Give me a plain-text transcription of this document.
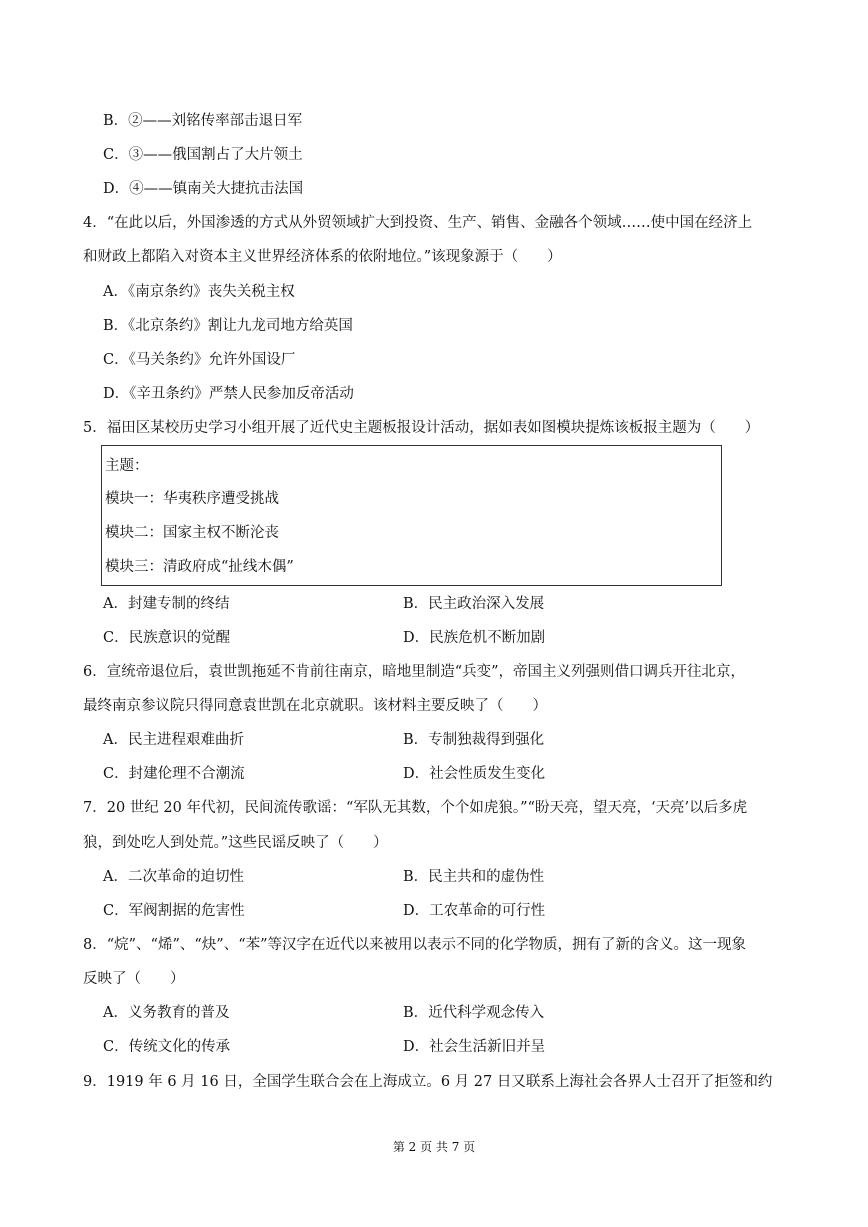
B．②——刘铭传率部击退日军
C．③——俄国割占了大片领土
D．④——镇南关大捷抗击法国
4．“在此以后，外国渗透的方式从外贸领域扩大到投资、生产、销售、金融各个领域……使中国在经济上
和财政上都陷入对资本主义世界经济体系的依附地位。”该现象源于（　　）
A．《南京条约》丧失关税主权
B．《北京条约》割让九龙司地方给英国
C．《马关条约》允许外国设厂
D．《辛丑条约》严禁人民参加反帝活动
5．福田区某校历史学习小组开展了近代史主题板报设计活动，据如表如图模块提炼该板报主题为（　　）
主题：
模块一：华夷秩序遭受挑战
模块二：国家主权不断沦丧
模块三：清政府成“扯线木偶”
A．封建专制的终结	B．民主政治深入发展
C．民族意识的觉醒	D．民族危机不断加剧
6．宣统帝退位后，袁世凯拖延不肯前往南京，暗地里制造“兵变”，帝国主义列强则借口调兵开往北京，
最终南京参议院只得同意袁世凯在北京就职。该材料主要反映了（　　）
A．民主进程艰难曲折	B．专制独裁得到强化
C．封建伦理不合潮流	D．社会性质发生变化
7．20 世纪 20 年代初，民间流传歌谣：“军队无其数，个个如虎狼。”“盼天亮，望天亮，‘天亮’以后多虎
狼，到处吃人到处荒。”这些民谣反映了（　　）
A．二次革命的迫切性	B．民主共和的虚伪性
C．军阀割据的危害性	D．工农革命的可行性
8．“烷”、“烯”、“炔”、“苯”等汉字在近代以来被用以表示不同的化学物质，拥有了新的含义。这一现象
反映了（　　）
A．义务教育的普及	B．近代科学观念传入
C．传统文化的传承	D．社会生活新旧并呈
9．1919 年 6 月 16 日，全国学生联合会在上海成立。6 月 27 日又联系上海社会各界人士召开了拒签和约
第 2 页 共 7 页
